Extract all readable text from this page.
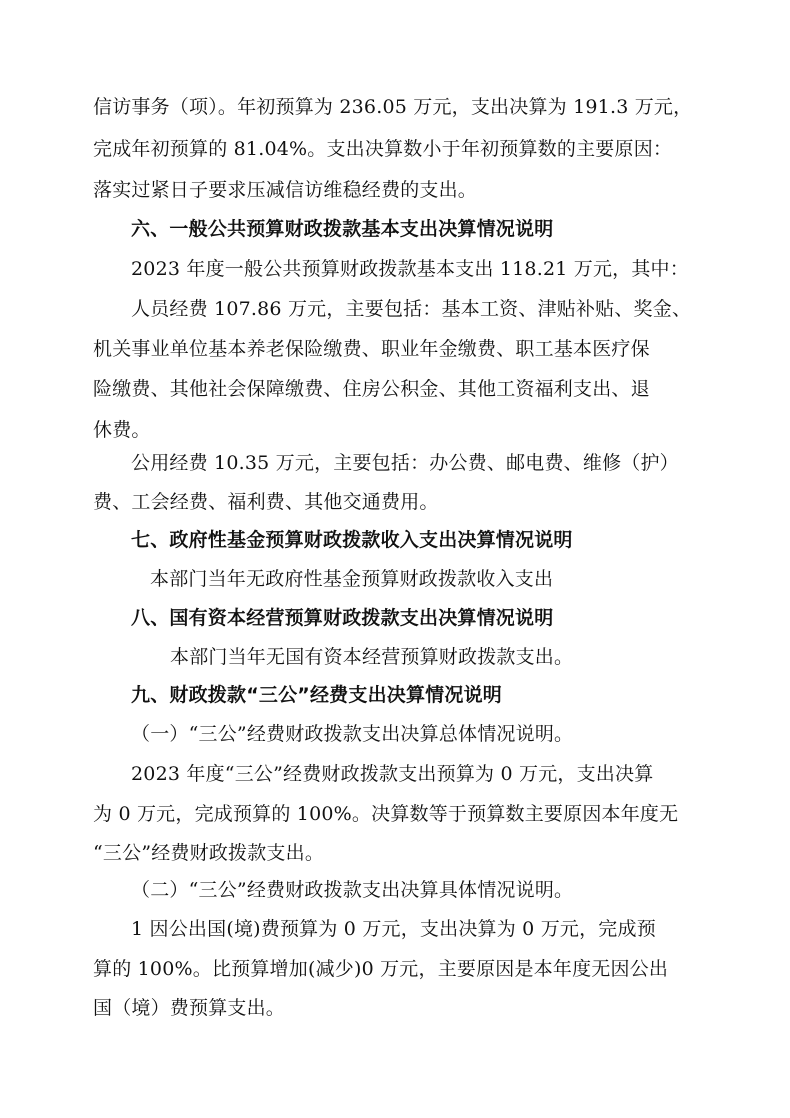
信访事务（项）。年初预算为 236.05 万元，支出决算为 191.3 万元，
完成年初预算的 81.04%。支出决算数小于年初预算数的主要原因：
落实过紧日子要求压减信访维稳经费的支出。
六、一般公共预算财政拨款基本支出决算情况说明
2023 年度一般公共预算财政拨款基本支出 118.21 万元，其中：
人员经费 107.86 万元，主要包括：基本工资、津贴补贴、奖金、
机关事业单位基本养老保险缴费、职业年金缴费、职工基本医疗保
险缴费、其他社会保障缴费、住房公积金、其他工资福利支出、退
休费。
公用经费 10.35 万元，主要包括：办公费、邮电费、维修（护）
费、工会经费、福利费、其他交通费用。
七、政府性基金预算财政拨款收入支出决算情况说明
本部门当年无政府性基金预算财政拨款收入支出
八、国有资本经营预算财政拨款支出决算情况说明
本部门当年无国有资本经营预算财政拨款支出。
九、财政拨款“三公”经费支出决算情况说明
（一）“三公”经费财政拨款支出决算总体情况说明。
2023 年度“三公”经费财政拨款支出预算为 0 万元，支出决算
为 0 万元，完成预算的 100%。决算数等于预算数主要原因本年度无
“三公”经费财政拨款支出。
（二）“三公”经费财政拨款支出决算具体情况说明。
1 因公出国(境)费预算为 0 万元，支出决算为 0 万元，完成预
算的 100%。比预算增加(减少)0 万元，主要原因是本年度无因公出
国（境）费预算支出。
